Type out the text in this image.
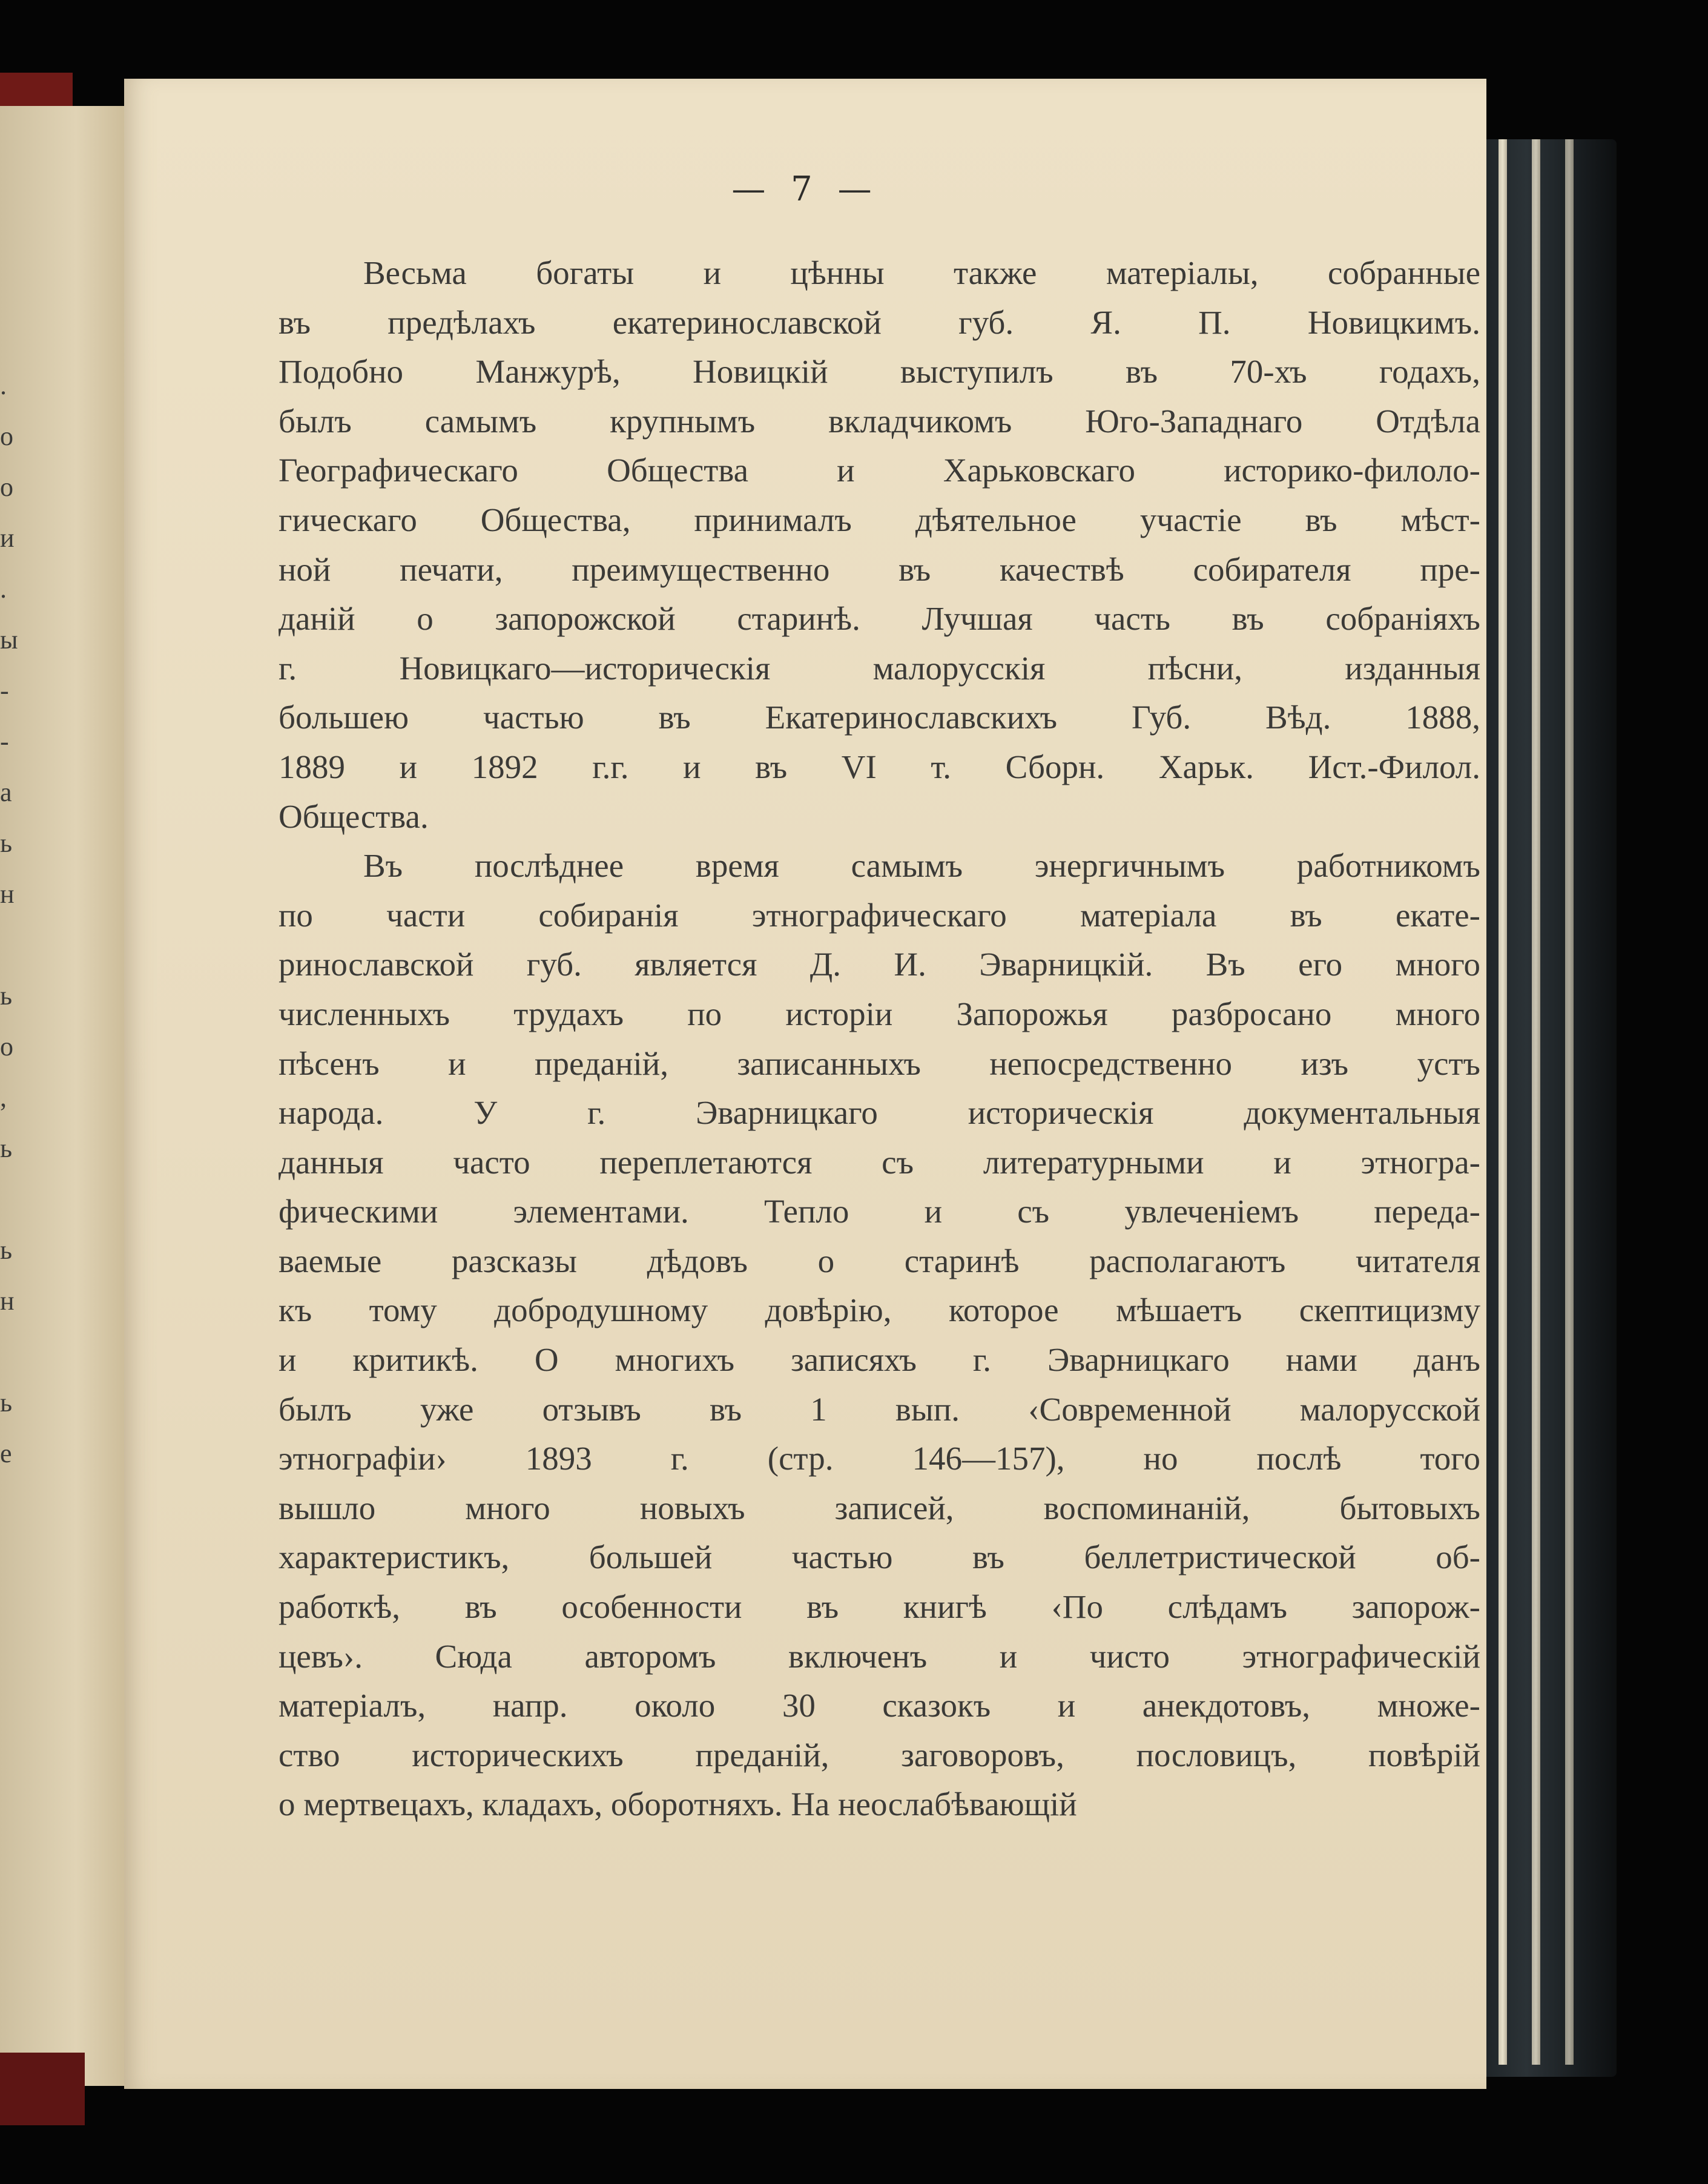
.
o
o
и
.
ы
-
-
a
ь
н
ь
o
,
ь
ь
н
ь
e
— 7 —
Весьма богаты и цѣнны также матеріалы, собранные
въ предѣлахъ екатеринославской губ. Я. П. Новицкимъ.
Подобно Манжурѣ, Новицкій выступилъ въ 70-хъ годахъ,
былъ самымъ крупнымъ вкладчикомъ Юго-Западнаго Отдѣла
Географическаго Общества и Харьковскаго историко-филоло-
гическаго Общества, принималъ дѣятельное участіе въ мѣст-
ной печати, преимущественно въ качествѣ собирателя пре-
даній о запорожской старинѣ. Лучшая часть въ собраніяхъ
г. Новицкаго—историческія малорусскія пѣсни, изданныя
большею частью въ Екатеринославскихъ Губ. Вѣд. 1888,
1889 и 1892 г.г. и въ VI т. Сборн. Харьк. Ист.-Филол.
Общества.
Въ послѣднее время самымъ энергичнымъ работникомъ
по части собиранія этнографическаго матеріала въ екате-
ринославской губ. является Д. И. Эварницкій. Въ его много
численныхъ трудахъ по исторіи Запорожья разбросано много
пѣсенъ и преданій, записанныхъ непосредственно изъ устъ
народа. У г. Эварницкаго историческія документальныя
данныя часто переплетаются съ литературными и этногра-
фическими элементами. Тепло и съ увлеченіемъ переда-
ваемые разсказы дѣдовъ о старинѣ располагаютъ читателя
къ тому добродушному довѣрію, которое мѣшаетъ скептицизму
и критикѣ. О многихъ записяхъ г. Эварницкаго нами данъ
былъ уже отзывъ въ 1 вып. ‹Современной малорусской
этнографіи› 1893 г. (стр. 146—157), но послѣ того
вышло много новыхъ записей, воспоминаній, бытовыхъ
характеристикъ, большей частью въ беллетристической об-
работкѣ, въ особенности въ книгѣ ‹По слѣдамъ запорож-
цевъ›. Сюда авторомъ включенъ и чисто этнографическій
матеріалъ, напр. около 30 сказокъ и анекдотовъ, множе-
ство историческихъ преданій, заговоровъ, пословицъ, повѣрій
о мертвецахъ, кладахъ, оборотняхъ. На неослабѣвающій
